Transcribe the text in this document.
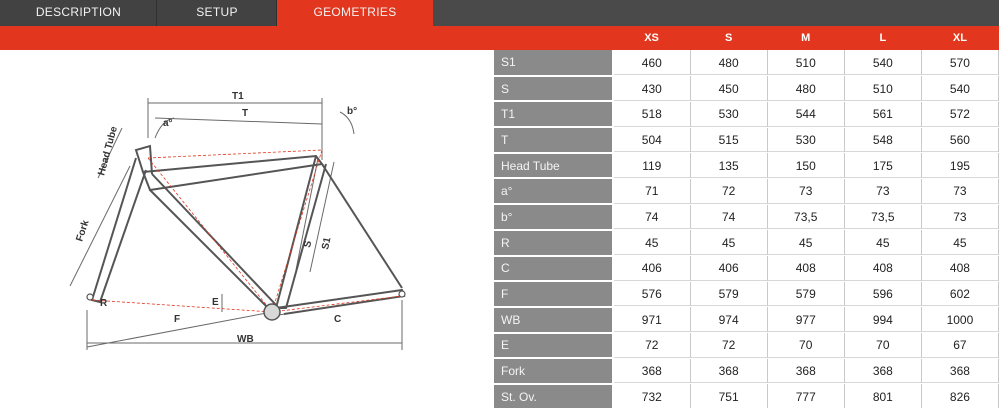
DESCRIPTION	SETUP	GEOMETRIES
T1
T
a°
b°
Head Tube
Fork
S S1
R	E
F	C
WB
	XS	S	M	L	XL
S1	460	480	510	540	570
S	430	450	480	510	540
T1	518	530	544	561	572
T	504	515	530	548	560
Head Tube	119	135	150	175	195
a°	71	72	73	73	73
b°	74	74	73,5	73,5	73
R	45	45	45	45	45
C	406	406	408	408	408
F	576	579	579	596	602
WB	971	974	977	994	1000
E	72	72	70	70	67
Fork	368	368	368	368	368
St. Ov.	732	751	777	801	826
